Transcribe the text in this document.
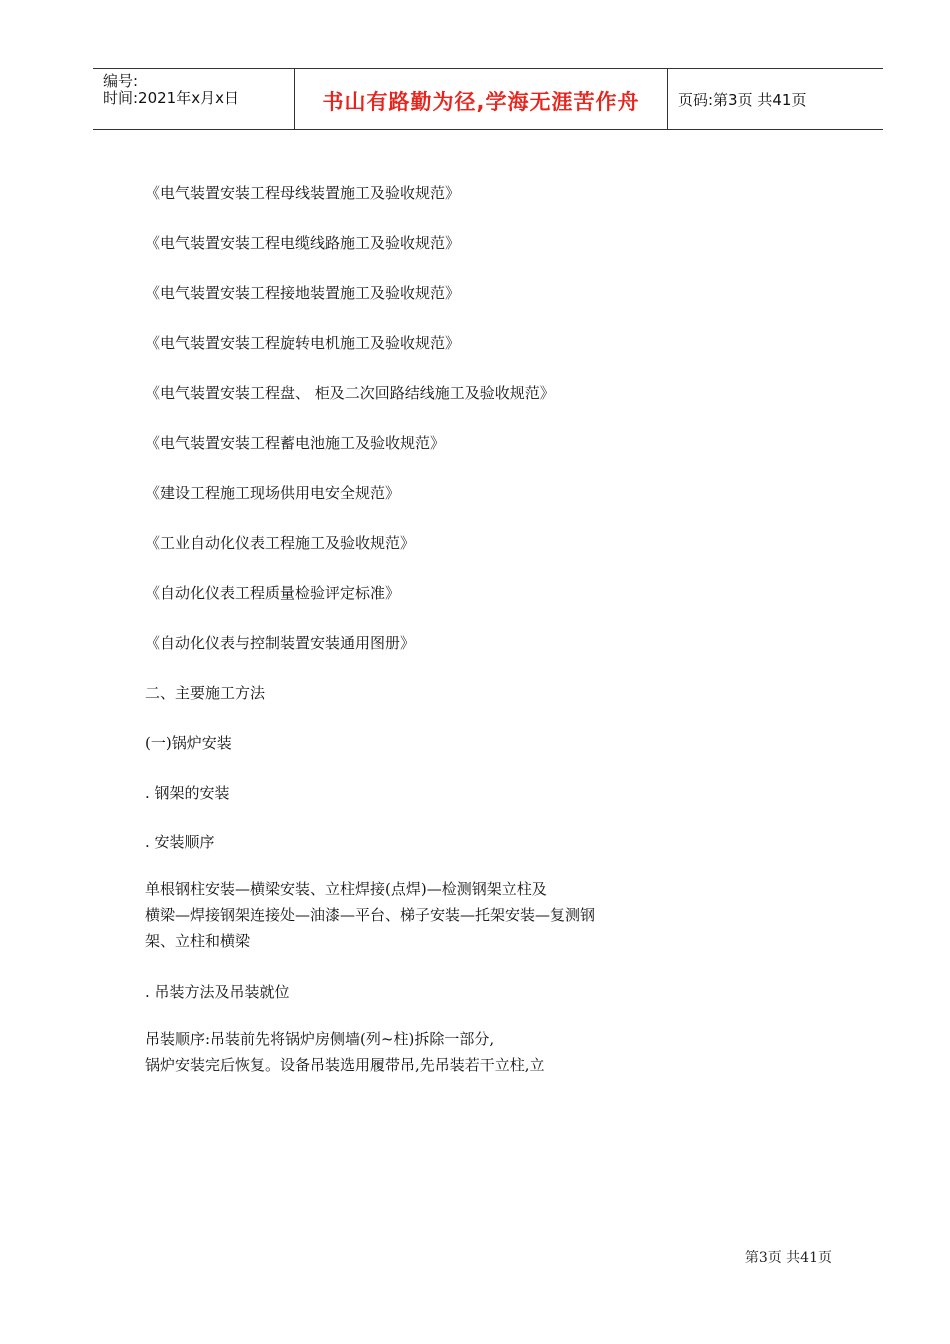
编号:
时间:2021年x月x日	书山有路勤为径,学海无涯苦作舟	页码:第3页 共41页
《电气装置安装工程母线装置施工及验收规范》
《电气装置安装工程电缆线路施工及验收规范》
《电气装置安装工程接地装置施工及验收规范》
《电气装置安装工程旋转电机施工及验收规范》
《电气装置安装工程盘、 柜及二次回路结线施工及验收规范》
《电气装置安装工程蓄电池施工及验收规范》
《建设工程施工现场供用电安全规范》
《工业自动化仪表工程施工及验收规范》
《自动化仪表工程质量检验评定标准》
《自动化仪表与控制装置安装通用图册》
二、主要施工方法
(一)锅炉安装
. 钢架的安装
. 安装顺序
单根钢柱安装—横梁安装、立柱焊接(点焊)—检测钢架立柱及
横梁—焊接钢架连接处—油漆—平台、梯子安装—托架安装—复测钢
架、立柱和横梁
. 吊装方法及吊装就位
吊装顺序:吊装前先将锅炉房侧墙(列~柱)拆除一部分,
锅炉安装完后恢复。设备吊装选用履带吊,先吊装若干立柱,立
第3页 共41页
